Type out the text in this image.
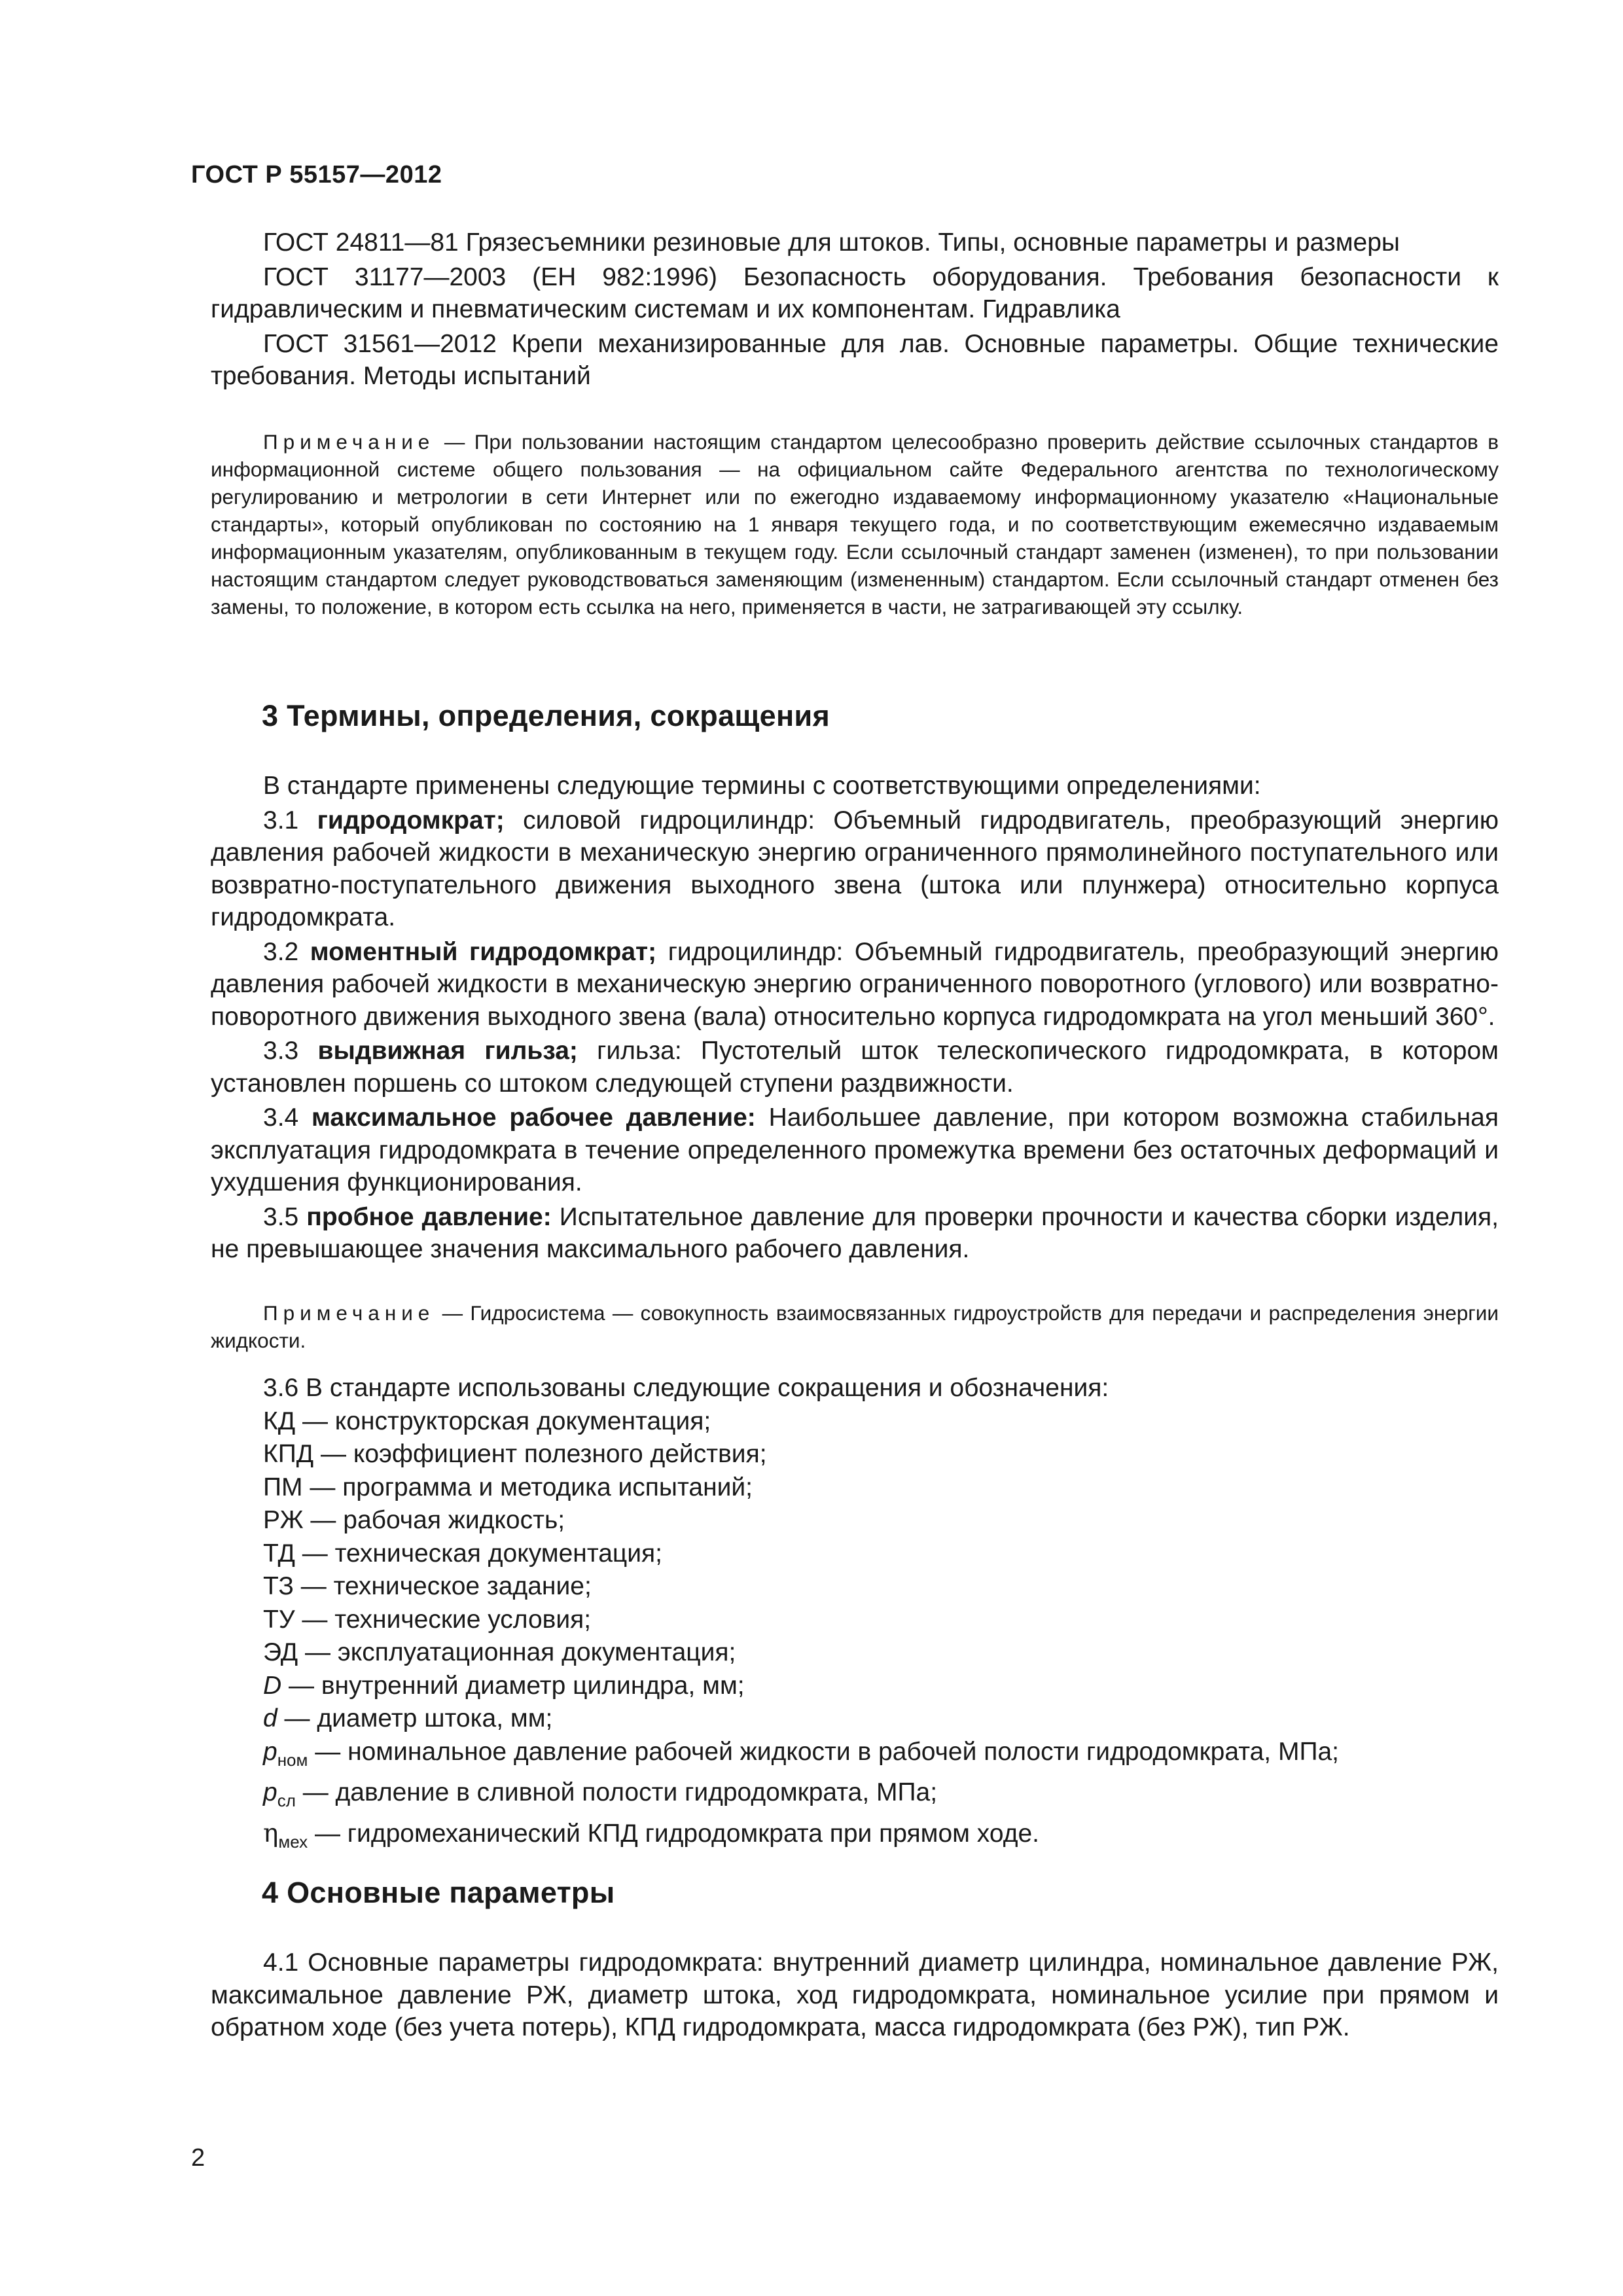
ГОСТ Р 55157—2012

ГОСТ 24811—81 Грязесъемники резиновые для штоков. Типы, основные параметры и размеры

ГОСТ 31177—2003 (ЕН 982:1996) Безопасность оборудования. Требования безопасности к гидравлическим и пневматическим системам и их компонентам. Гидравлика

ГОСТ 31561—2012 Крепи механизированные для лав. Основные параметры. Общие технические требования. Методы испытаний

Примечание — При пользовании настоящим стандартом целесообразно проверить действие ссылочных стандартов в информационной системе общего пользования — на официальном сайте Федерального агентства по технологическому регулированию и метрологии в сети Интернет или по ежегодно издаваемому информационному указателю «Национальные стандарты», который опубликован по состоянию на 1 января текущего года, и по соответствующим ежемесячно издаваемым информационным указателям, опубликованным в текущем году. Если ссылочный стандарт заменен (изменен), то при пользовании настоящим стандартом следует руководствоваться заменяющим (измененным) стандартом. Если ссылочный стандарт отменен без замены, то положение, в котором есть ссылка на него, применяется в части, не затрагивающей эту ссылку.

3 Термины, определения, сокращения

В стандарте применены следующие термины с соответствующими определениями:

3.1 гидродомкрат; силовой гидроцилиндр: Объемный гидродвигатель, преобразующий энергию давления рабочей жидкости в механическую энергию ограниченного прямолинейного поступательного или возвратно-поступательного движения выходного звена (штока или плунжера) относительно корпуса гидродомкрата.

3.2 моментный гидродомкрат; гидроцилиндр: Объемный гидродвигатель, преобразующий энергию давления рабочей жидкости в механическую энергию ограниченного поворотного (углового) или возвратно-поворотного движения выходного звена (вала) относительно корпуса гидродомкрата на угол меньший 360°.

3.3 выдвижная гильза; гильза: Пустотелый шток телескопического гидродомкрата, в котором установлен поршень со штоком следующей ступени раздвижности.

3.4 максимальное рабочее давление: Наибольшее давление, при котором возможна стабильная эксплуатация гидродомкрата в течение определенного промежутка времени без остаточных деформаций и ухудшения функционирования.

3.5 пробное давление: Испытательное давление для проверки прочности и качества сборки изделия, не превышающее значения максимального рабочего давления.

Примечание — Гидросистема — совокупность взаимосвязанных гидроустройств для передачи и распределения энергии жидкости.

3.6 В стандарте использованы следующие сокращения и обозначения:

КД — конструкторская документация;
КПД — коэффициент полезного действия;
ПМ — программа и методика испытаний;
РЖ — рабочая жидкость;
ТД — техническая документация;
ТЗ — техническое задание;
ТУ — технические условия;
ЭД — эксплуатационная документация;
D — внутренний диаметр цилиндра, мм;
d — диаметр штока, мм;
$p_{ном}$ — номинальное давление рабочей жидкости в рабочей полости гидродомкрата, МПа;
$p_{сл}$ — давление в сливной полости гидродомкрата, МПа;
$\eta_{мех}$ — гидромеханический КПД гидродомкрата при прямом ходе.
4 Основные параметры

4.1 Основные параметры гидродомкрата: внутренний диаметр цилиндра, номинальное давление РЖ, максимальное давление РЖ, диаметр штока, ход гидродомкрата, номинальное усилие при прямом и обратном ходе (без учета потерь), КПД гидродомкрата, масса гидродомкрата (без РЖ), тип РЖ.

2
